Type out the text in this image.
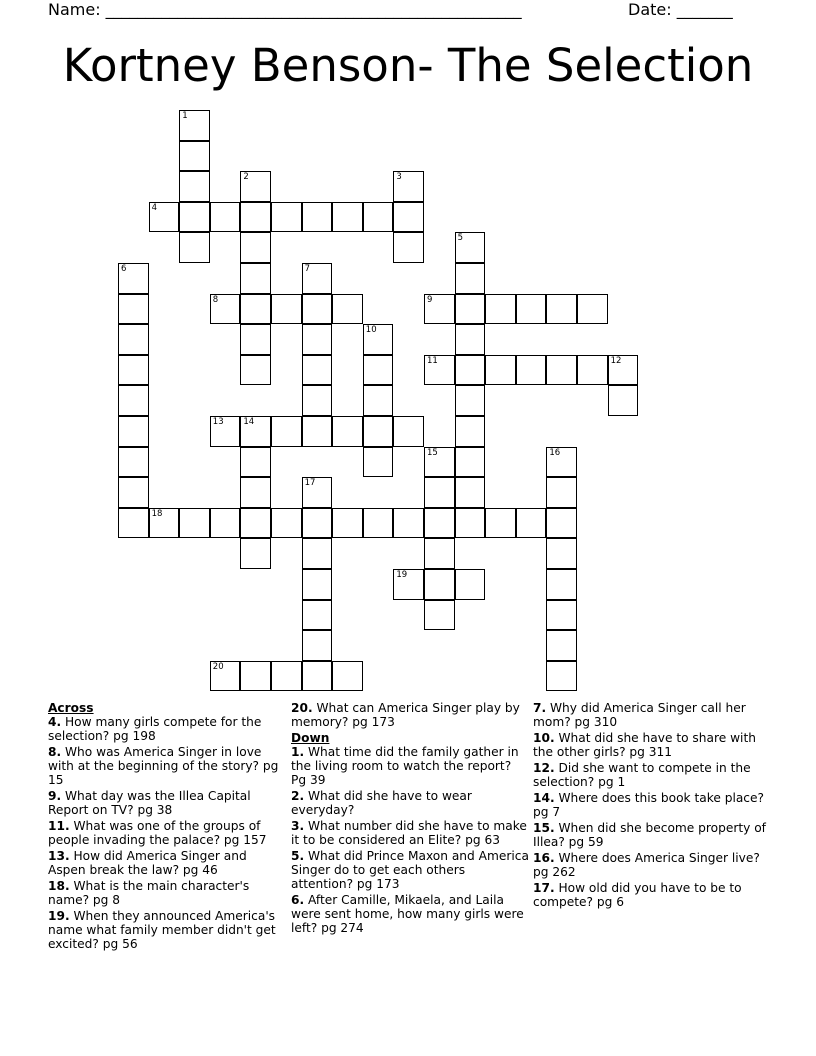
Name: ____________________________________________________	Date: _______
Kortney Benson- The Selection
1
4
2	3
5
6	7
8	9
10
11	12
13 14
15	16
17
18
19
20
Across
4. How many girls compete for the selection? pg 198
8. Who was America Singer in love with at the beginning of the story? pg 15
9. What day was the Illea Capital Report on TV? pg 38
11. What was one of the groups of people invading the palace? pg 157
13. How did America Singer and Aspen break the law? pg 46
18. What is the main character's name? pg 8
19. When they announced America's name what family member didn't get excited? pg 56
20. What can America Singer play by memory? pg 173
Down
1. What time did the family gather in the living room to watch the report? Pg 39
2. What did she have to wear everyday?
3. What number did she have to make it to be considered an Elite? pg 63
5. What did Prince Maxon and America Singer do to get each others attention? pg 173
6. After Camille, Mikaela, and Laila were sent home, how many girls were left? pg 274
7. Why did America Singer call her mom? pg 310
10. What did she have to share with the other girls? pg 311
12. Did she want to compete in the selection? pg 1
14. Where does this book take place? pg 7
15. When did she become property of Illea? pg 59
16. Where does America Singer live? pg 262
17. How old did you have to be to compete? pg 6
